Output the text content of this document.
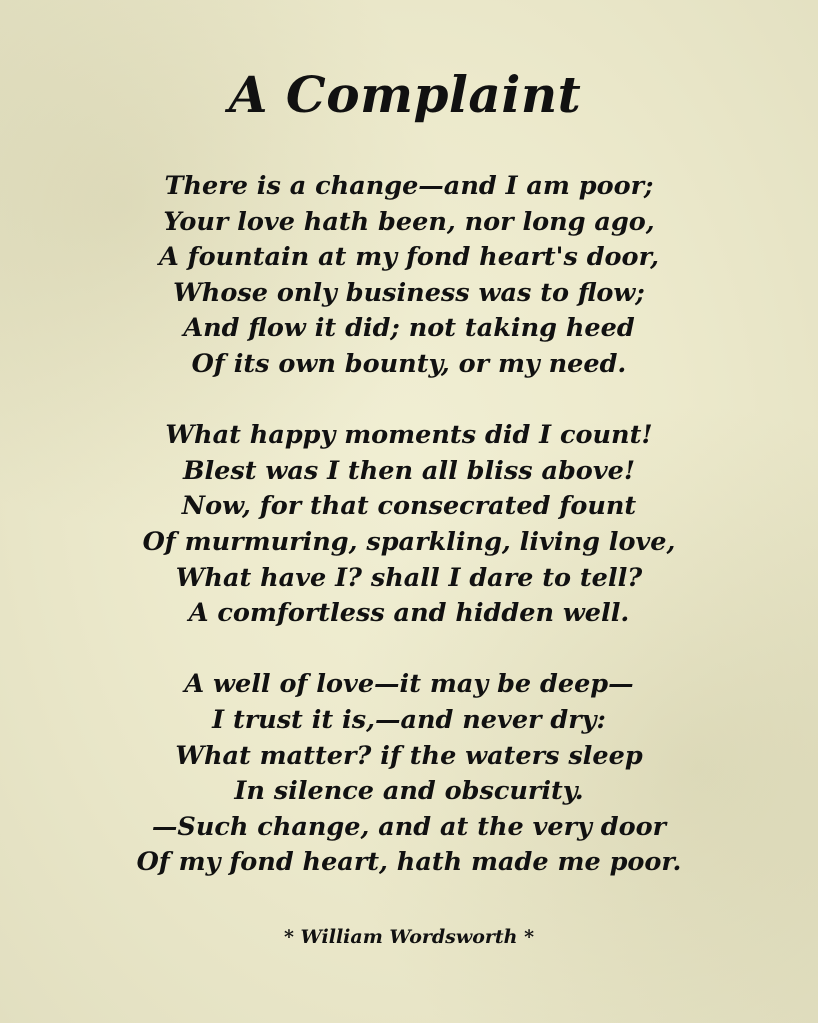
A Complaint
There is a change—and I am poor;
Your love hath been, nor long ago,
A fountain at my fond heart's door,
Whose only business was to flow;
And flow it did; not taking heed
Of its own bounty, or my need.
What happy moments did I count!
Blest was I then all bliss above!
Now, for that consecrated fount
Of murmuring, sparkling, living love,
What have I? shall I dare to tell?
A comfortless and hidden well.
A well of love—it may be deep—
I trust it is,—and never dry:
What matter? if the waters sleep
In silence and obscurity.
—Such change, and at the very door
Of my fond heart, hath made me poor.
* William Wordsworth *
